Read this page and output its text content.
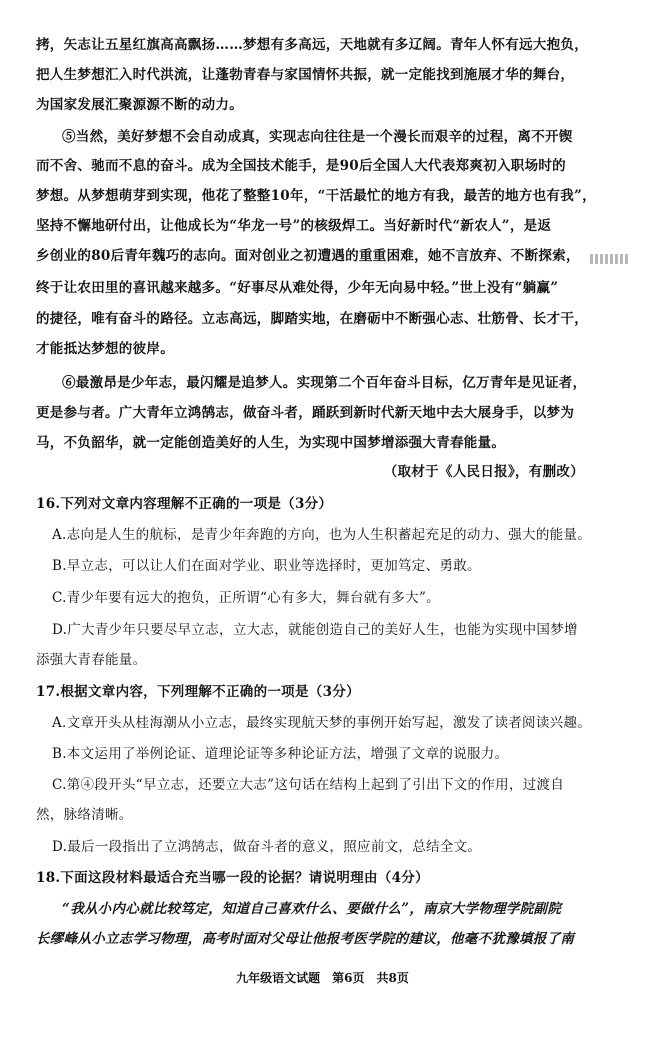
拷，矢志让五星红旗高高飘扬……梦想有多高远，天地就有多辽阔。青年人怀有远大抱负，
把人生梦想汇入时代洪流，让蓬勃青春与家国情怀共振，就一定能找到施展才华的舞台，
为国家发展汇聚源源不断的动力。
⑤当然，美好梦想不会自动成真，实现志向往往是一个漫长而艰辛的过程，离不开锲
而不舍、驰而不息的奋斗。成为全国技术能手，是90后全国人大代表郑爽初入职场时的
梦想。从梦想萌芽到实现，他花了整整10年，“干活最忙的地方有我，最苦的地方也有我”，
坚持不懈地研付出，让他成长为“华龙一号”的核级焊工。当好新时代“新农人”，是返
乡创业的80后青年魏巧的志向。面对创业之初遭遇的重重困难，她不言放弃、不断探索，
终于让农田里的喜讯越来越多。“好事尽从难处得，少年无向易中轻。”世上没有“躺赢”
的捷径，唯有奋斗的路径。立志高远，脚踏实地，在磨砺中不断强心志、壮筋骨、长才干，
才能抵达梦想的彼岸。
⑥最激昂是少年志，最闪耀是追梦人。实现第二个百年奋斗目标，亿万青年是见证者，
更是参与者。广大青年立鸿鹄志，做奋斗者，踊跃到新时代新天地中去大展身手，以梦为
马，不负韶华，就一定能创造美好的人生，为实现中国梦增添强大青春能量。
（取材于《人民日报》，有删改）
16.下列对文章内容理解不正确的一项是（3分）
A.志向是人生的航标，是青少年奔跑的方向，也为人生积蓄起充足的动力、强大的能量。
B.早立志，可以让人们在面对学业、职业等选择时，更加笃定、勇敢。
C.青少年要有远大的抱负，正所谓“心有多大，舞台就有多大”。
D.广大青少年只要尽早立志，立大志，就能创造自己的美好人生，也能为实现中国梦增
添强大青春能量。
17.根据文章内容，下列理解不正确的一项是（3分）
A.文章开头从桂海潮从小立志，最终实现航天梦的事例开始写起，激发了读者阅读兴趣。
B.本文运用了举例论证、道理论证等多种论证方法，增强了文章的说服力。
C.第④段开头“早立志，还要立大志”这句话在结构上起到了引出下文的作用，过渡自
然，脉络清晰。
D.最后一段指出了立鸿鹄志，做奋斗者的意义，照应前文，总结全文。
18.下面这段材料最适合充当哪一段的论据？请说明理由（4分）
“我从小内心就比较笃定，知道自己喜欢什么、要做什么”，南京大学物理学院副院
长缪峰从小立志学习物理，高考时面对父母让他报考医学院的建议，他毫不犹豫填报了南
九年级语文试题　第6页　共8页
